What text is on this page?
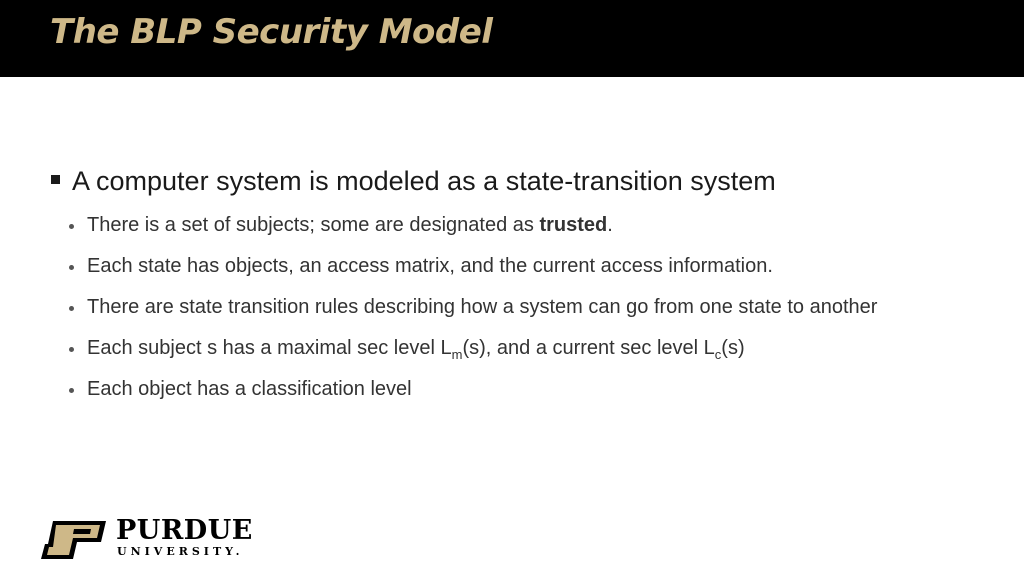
The BLP Security Model
A computer system is modeled as a state-transition system
There is a set of subjects; some are designated as trusted.
Each state has objects, an access matrix, and the current access information.
There are state transition rules describing how a system can go from one state to another
Each subject s has a maximal sec level $L_m(s)$, and a current sec level $L_c(s)$
Each object has a classification level
PURDUE
UNIVERSITY.
